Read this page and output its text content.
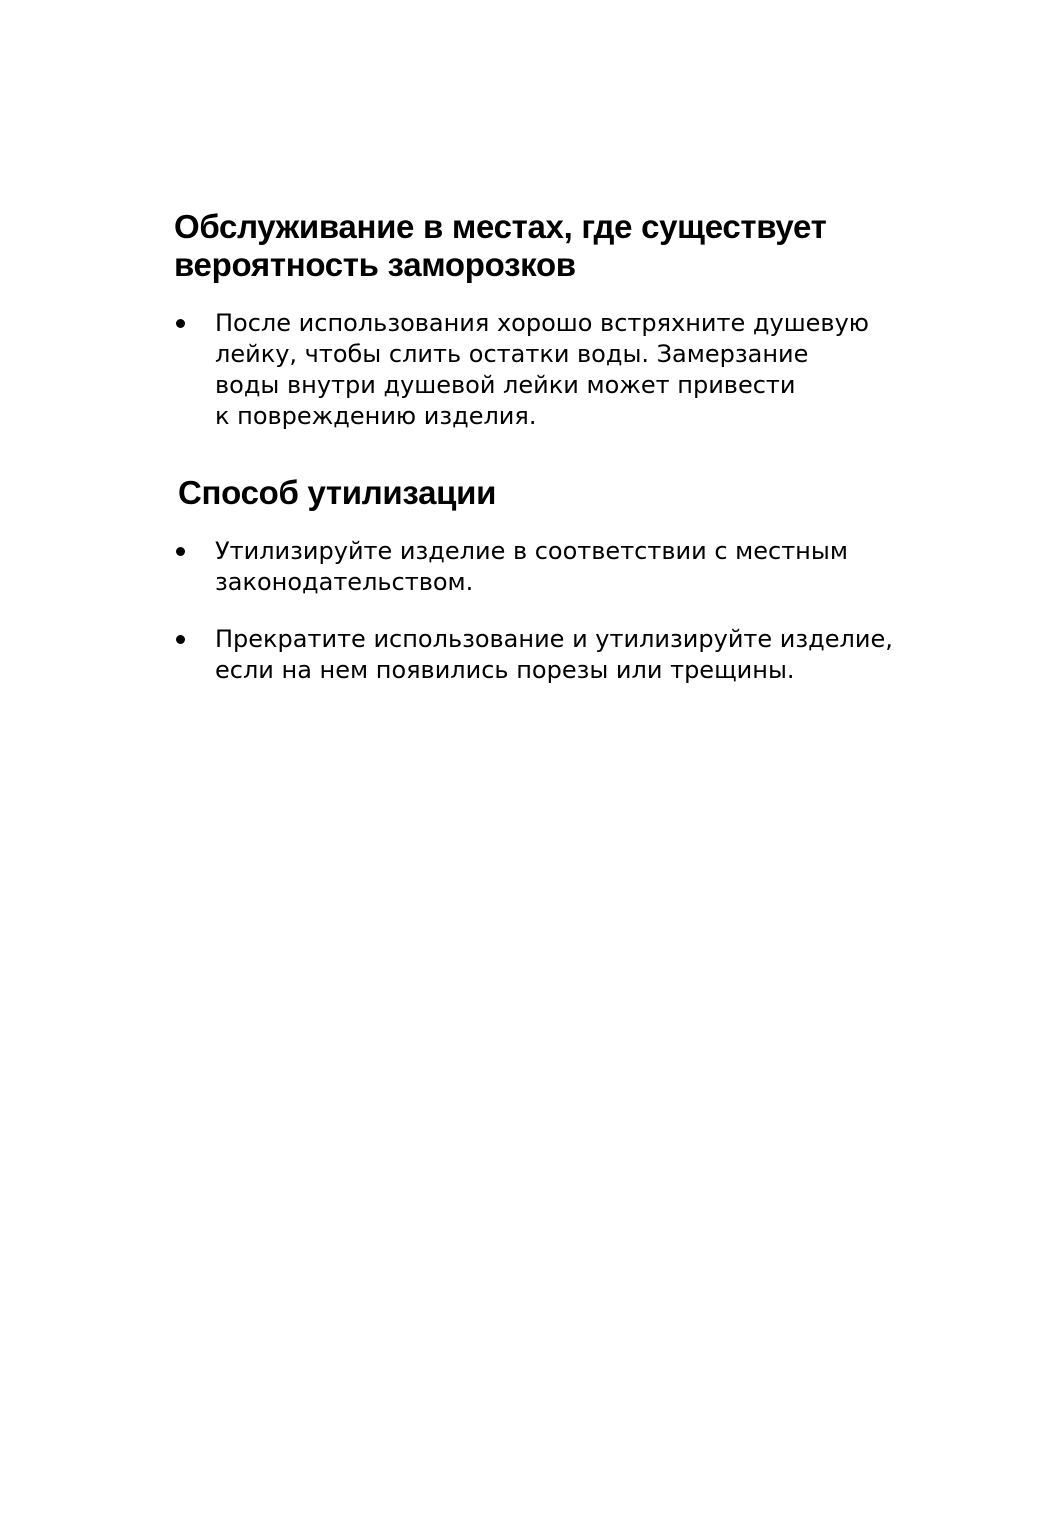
Обслуживание в местах, где существует
вероятность заморозков
После использования хорошо встряхните душевую
лейку, чтобы слить остатки воды. Замерзание
воды внутри душевой лейки может привести
к повреждению изделия.
Способ утилизации
Утилизируйте изделие в соответствии с местным
законодательством.
Прекратите использование и утилизируйте изделие,
если на нем появились порезы или трещины.
